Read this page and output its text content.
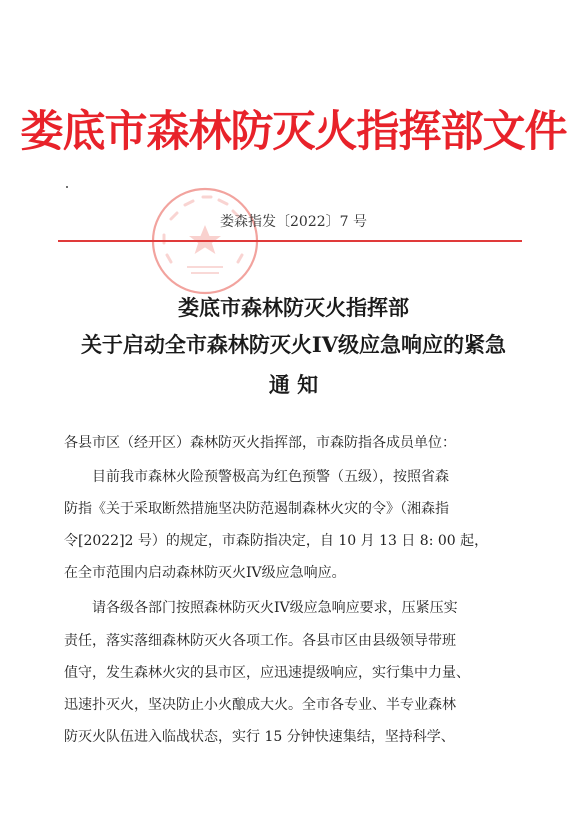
娄底市森林防灭火指挥部文件
娄森指发〔2022〕7 号
娄底市森林防灭火指挥部
关于启动全市森林防灭火IV级应急响应的紧急
通 知
各县市区（经开区）森林防灭火指挥部，市森防指各成员单位：
目前我市森林火险预警极高为红色预警（五级），按照省森
防指《关于采取断然措施坚决防范遏制森林火灾的令》（湘森指
令[2022]2 号）的规定，市森防指决定，自 10 月 13 日 8: 00 起，
在全市范围内启动森林防灭火IV级应急响应。
请各级各部门按照森林防灭火IV级应急响应要求，压紧压实
责任，落实落细森林防灭火各项工作。各县市区由县级领导带班
值守，发生森林火灾的县市区，应迅速提级响应，实行集中力量、
迅速扑灭火，坚决防止小火酿成大火。全市各专业、半专业森林
防灭火队伍进入临战状态，实行 15 分钟快速集结，坚持科学、
